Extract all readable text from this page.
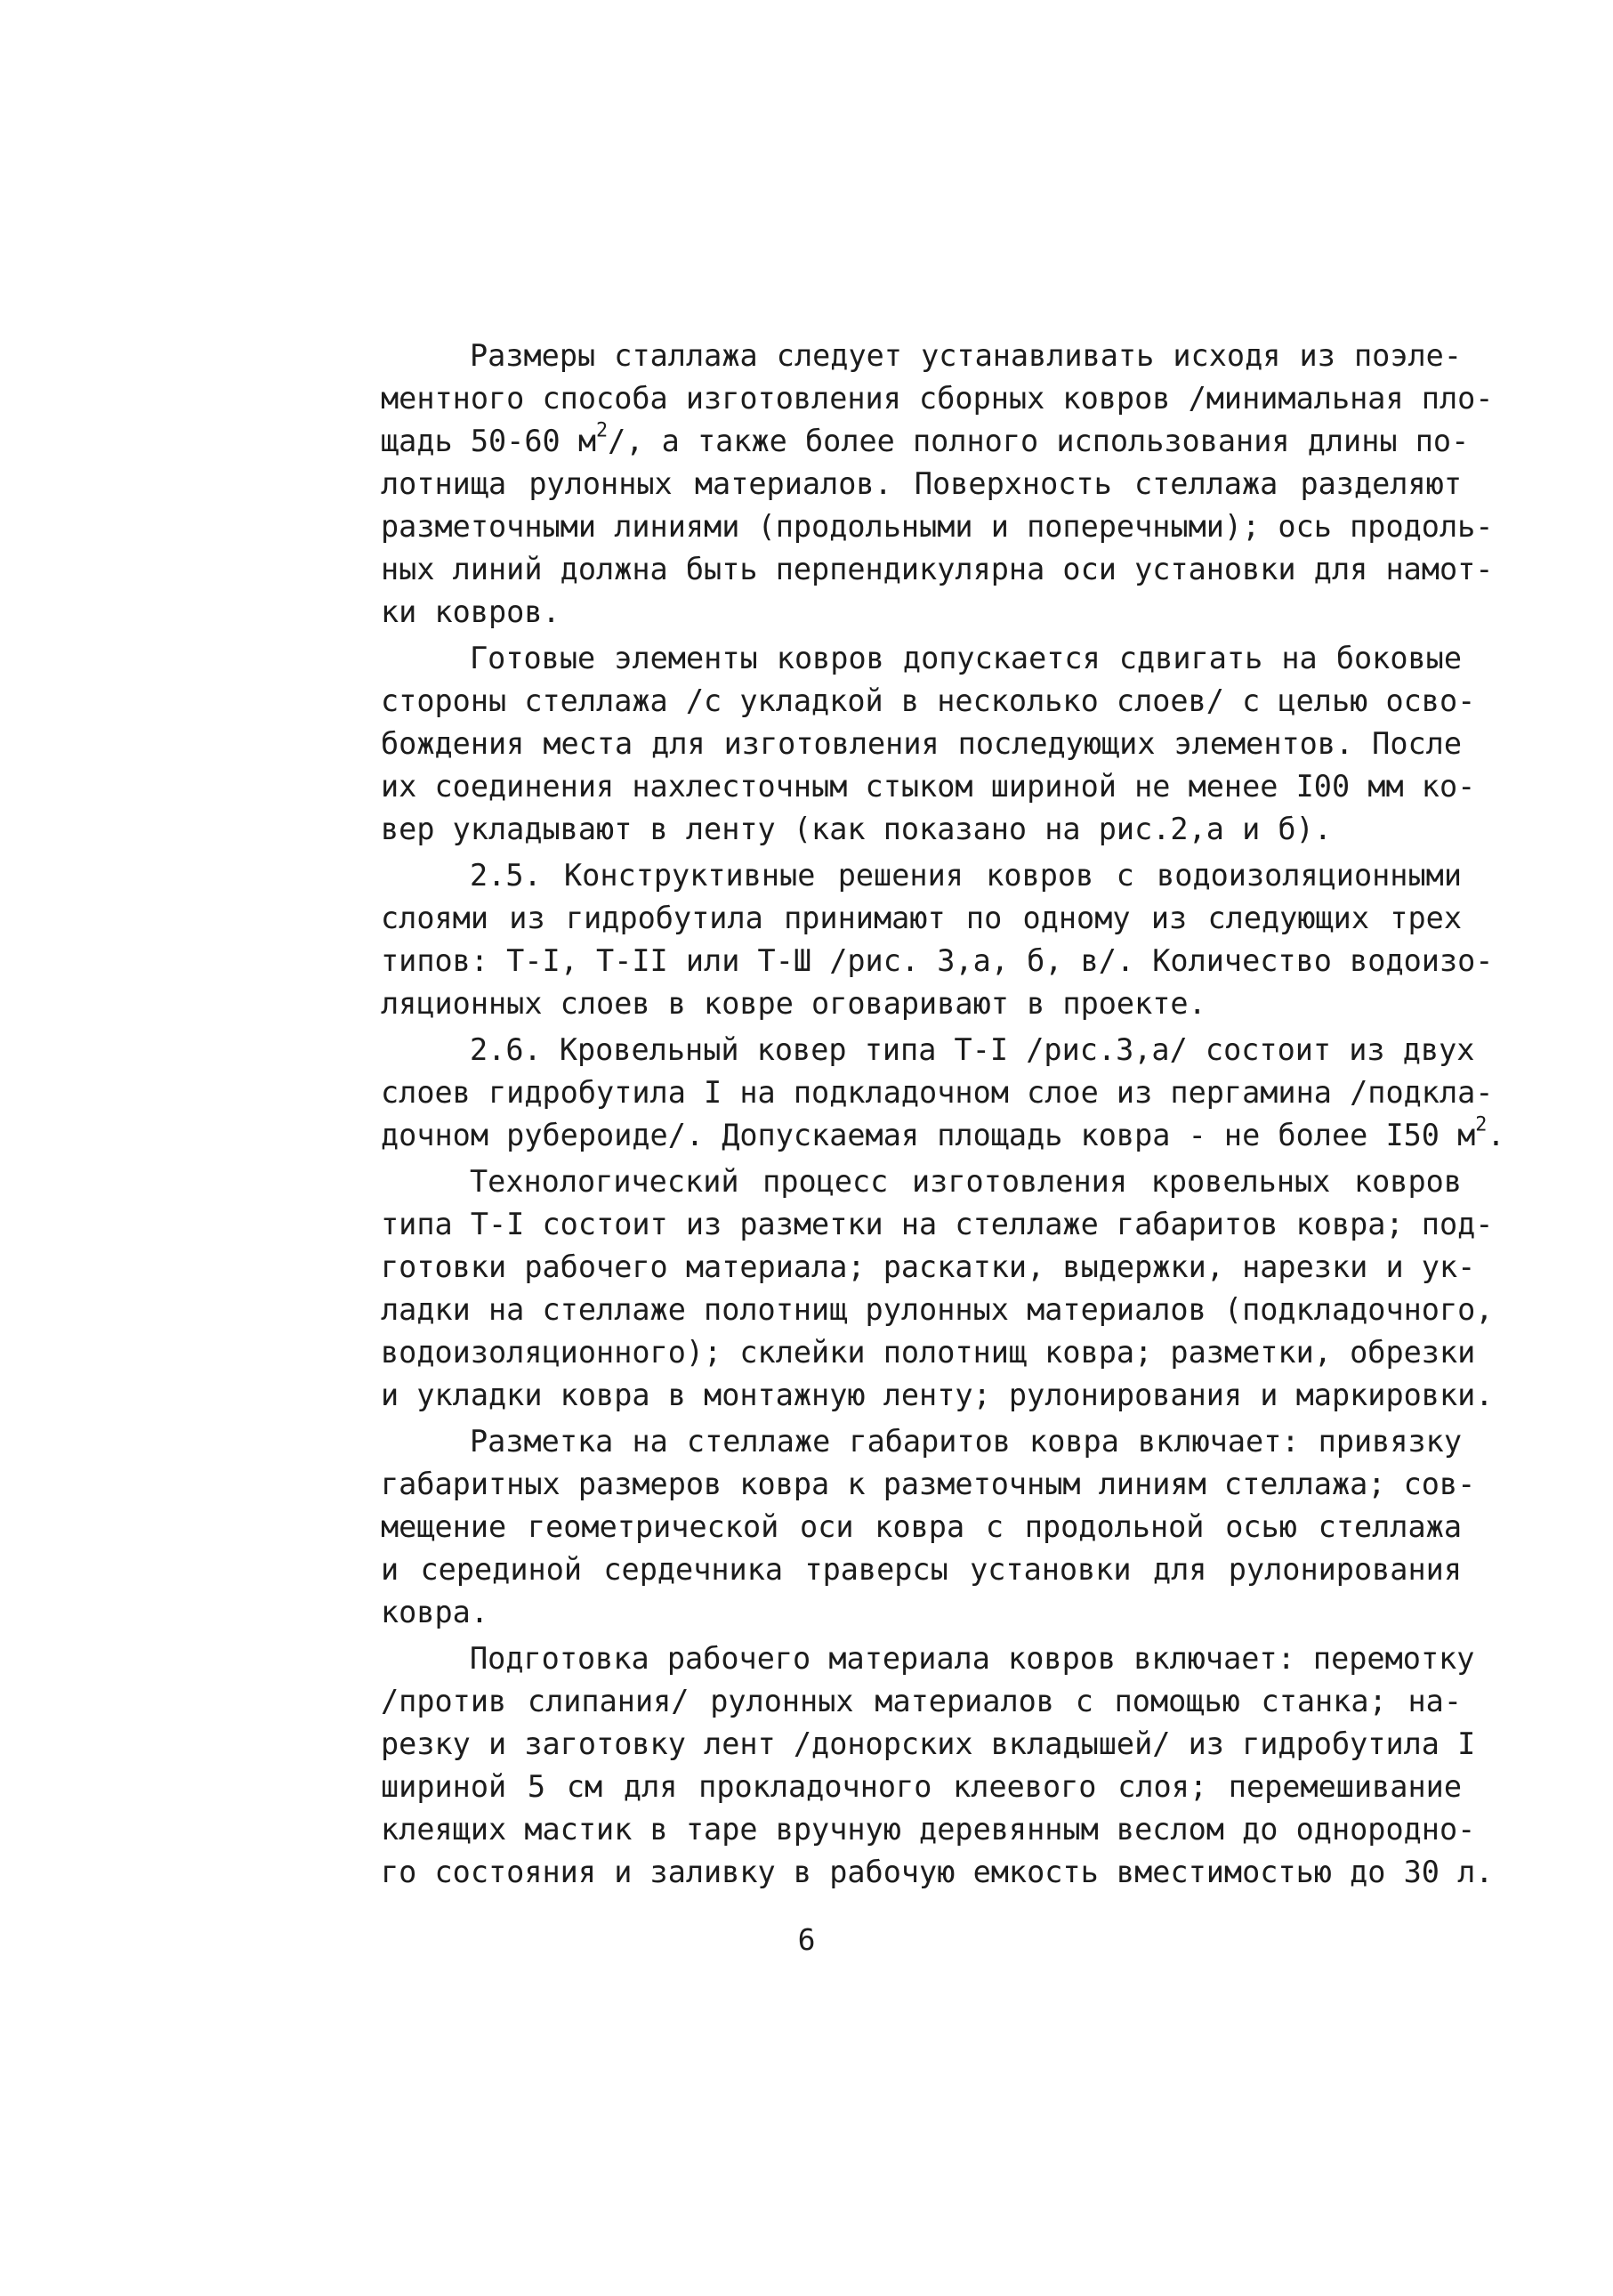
Размеры сталлажа следует устанавливать исходя из поэле-
ментного способа изготовления сборных ковров /минимальная пло-
щадь 50-60 $м^2/$, а также более полного использования длины по-
лотнища рулонных материалов. Поверхность стеллажа разделяют
разметочными линиями (продольными и поперечными); ось продоль-
ных линий должна быть перпендикулярна оси установки для намот-
ки ковров.
Готовые элементы ковров допускается сдвигать на боковые
стороны стеллажа /с укладкой в несколько слоев/ с целью осво-
бождения места для изготовления последующих элементов. После
их соединения нахлесточным стыком шириной не менее I00 мм ко-
вер укладывают в ленту (как показано на рис.2,а и б).
2.5. Конструктивные решения ковров с водоизоляционными
слоями из гидробутила принимают по одному из следующих трех
типов: Т-I, Т-II или Т-Ш /рис. 3,а, б, в/. Количество водоизо-
ляционных слоев в ковре оговаривают в проекте.
2.6. Кровельный ковер типа Т-I /рис.3,а/ состоит из двух
слоев гидробутила I на подкладочном слое из пергамина /подкла-
дочном рубероиде/. Допускаемая площадь ковра - не более I50 $м^2$.
Технологический процесс изготовления кровельных ковров
типа Т-I состоит из разметки на стеллаже габаритов ковра; под-
готовки рабочего материала; раскатки, выдержки, нарезки и ук-
ладки на стеллаже полотнищ рулонных материалов (подкладочного,
водоизоляционного); склейки полотнищ ковра; разметки, обрезки
и укладки ковра в монтажную ленту; рулонирования и маркировки.
Разметка на стеллаже габаритов ковра включает: привязку
габаритных размеров ковра к разметочным линиям стеллажа; сов-
мещение геометрической оси ковра с продольной осью стеллажа
и серединой сердечника траверсы установки для рулонирования
ковра.
Подготовка рабочего материала ковров включает: перемотку
/против слипания/ рулонных материалов с помощью станка; на-
резку и заготовку лент /донорских вкладышей/ из гидробутила I
шириной 5 см для прокладочного клеевого слоя; перемешивание
клеящих мастик в таре вручную деревянным веслом до однородно-
го состояния и заливку в рабочую емкость вместимостью до 30 л.
6
